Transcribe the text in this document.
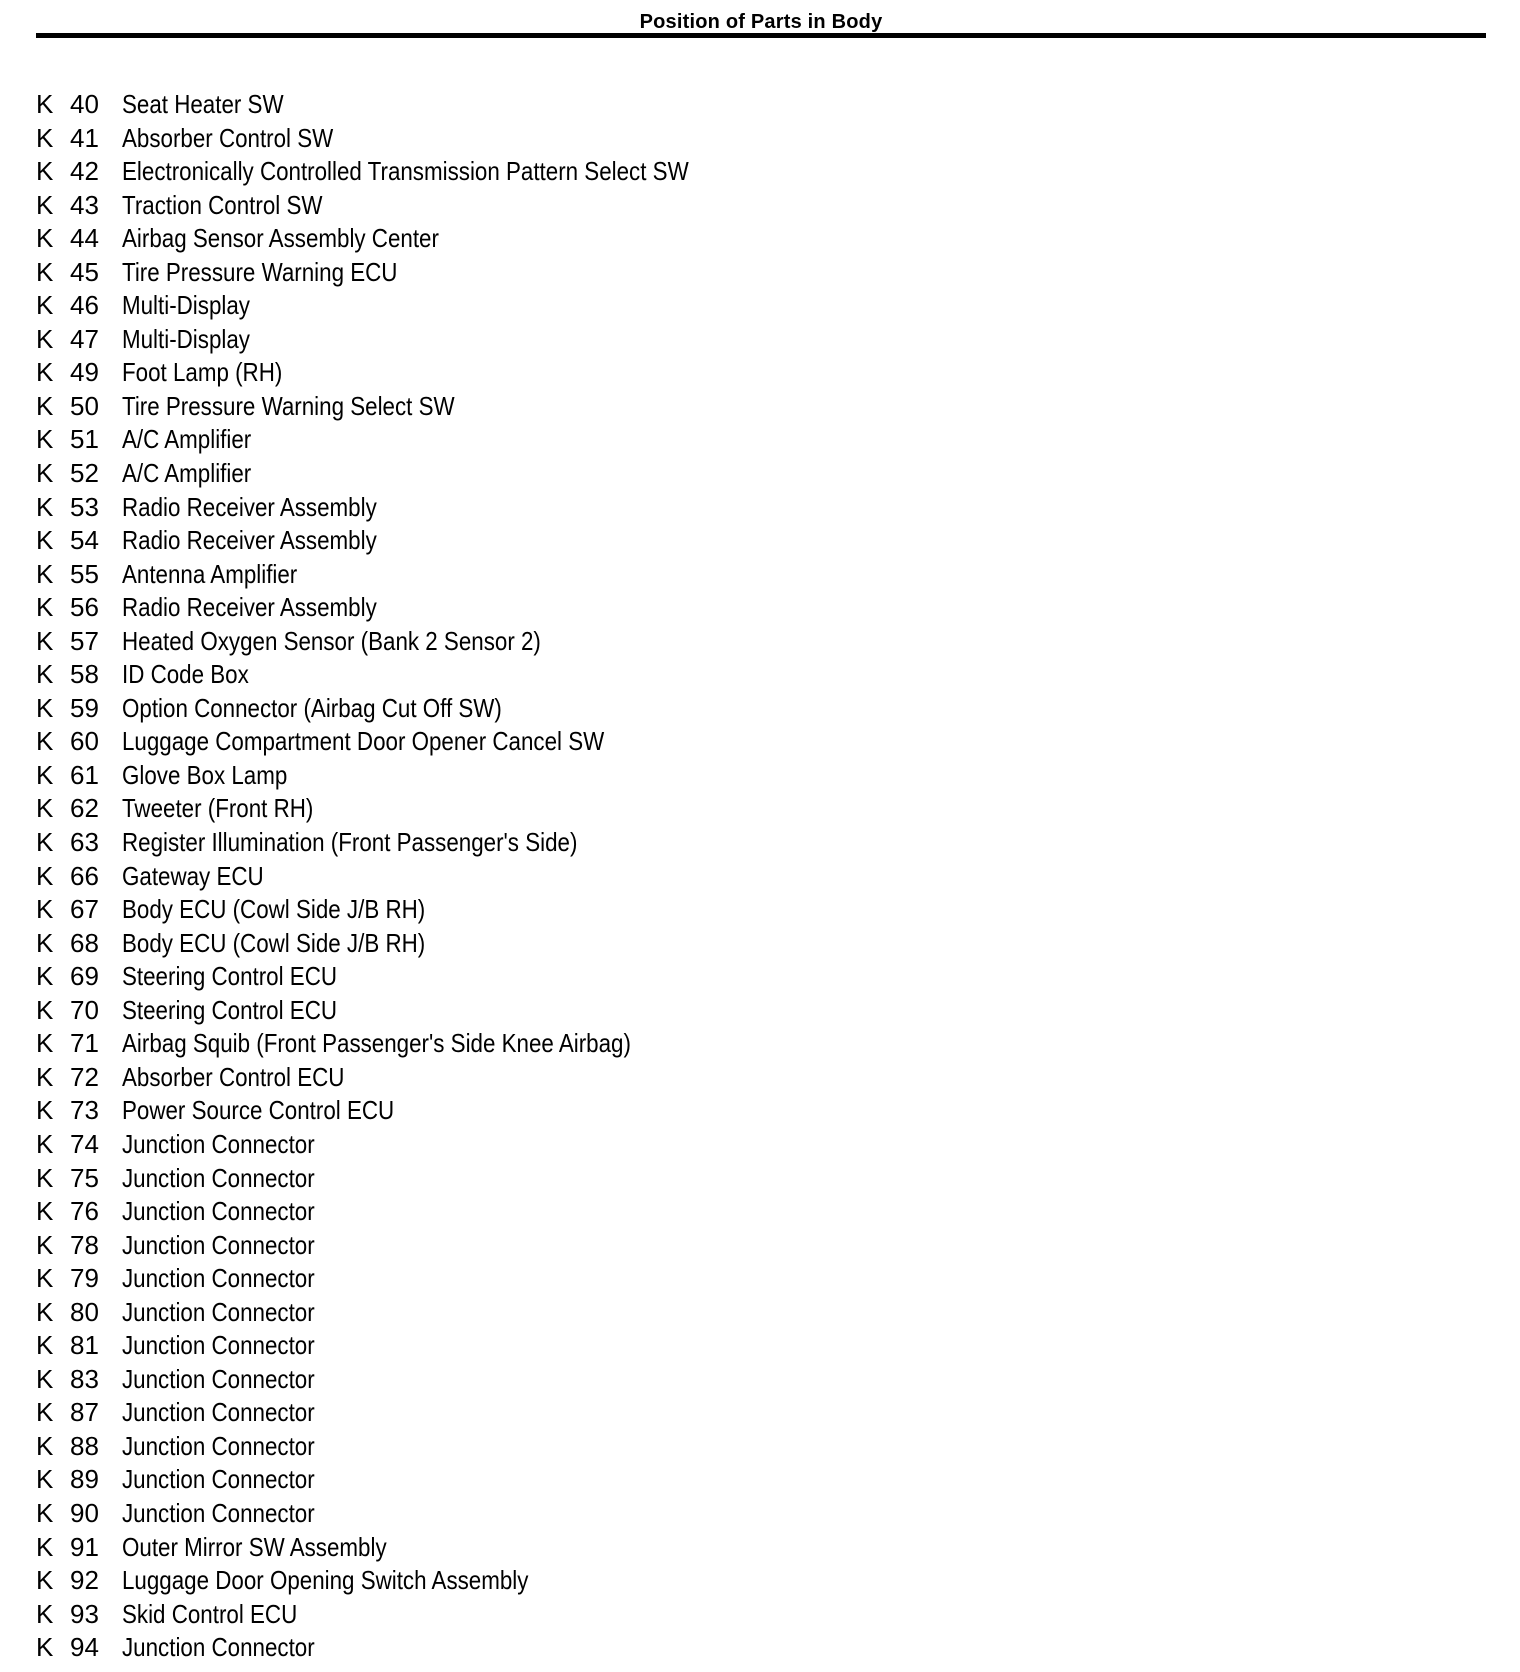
Position of Parts in Body
K 40 Seat Heater SW
K 41 Absorber Control SW
K 42 Electronically Controlled Transmission Pattern Select SW
K 43 Traction Control SW
K 44 Airbag Sensor Assembly Center
K 45 Tire Pressure Warning ECU
K 46 Multi-Display
K 47 Multi-Display
K 49 Foot Lamp (RH)
K 50 Tire Pressure Warning Select SW
K 51 A/C Amplifier
K 52 A/C Amplifier
K 53 Radio Receiver Assembly
K 54 Radio Receiver Assembly
K 55 Antenna Amplifier
K 56 Radio Receiver Assembly
K 57 Heated Oxygen Sensor (Bank 2 Sensor 2)
K 58 ID Code Box
K 59 Option Connector (Airbag Cut Off SW)
K 60 Luggage Compartment Door Opener Cancel SW
K 61 Glove Box Lamp
K 62 Tweeter (Front RH)
K 63 Register Illumination (Front Passenger's Side)
K 66 Gateway ECU
K 67 Body ECU (Cowl Side J/B RH)
K 68 Body ECU (Cowl Side J/B RH)
K 69 Steering Control ECU
K 70 Steering Control ECU
K 71 Airbag Squib (Front Passenger's Side Knee Airbag)
K 72 Absorber Control ECU
K 73 Power Source Control ECU
K 74 Junction Connector
K 75 Junction Connector
K 76 Junction Connector
K 78 Junction Connector
K 79 Junction Connector
K 80 Junction Connector
K 81 Junction Connector
K 83 Junction Connector
K 87 Junction Connector
K 88 Junction Connector
K 89 Junction Connector
K 90 Junction Connector
K 91 Outer Mirror SW Assembly
K 92 Luggage Door Opening Switch Assembly
K 93 Skid Control ECU
K 94 Junction Connector
